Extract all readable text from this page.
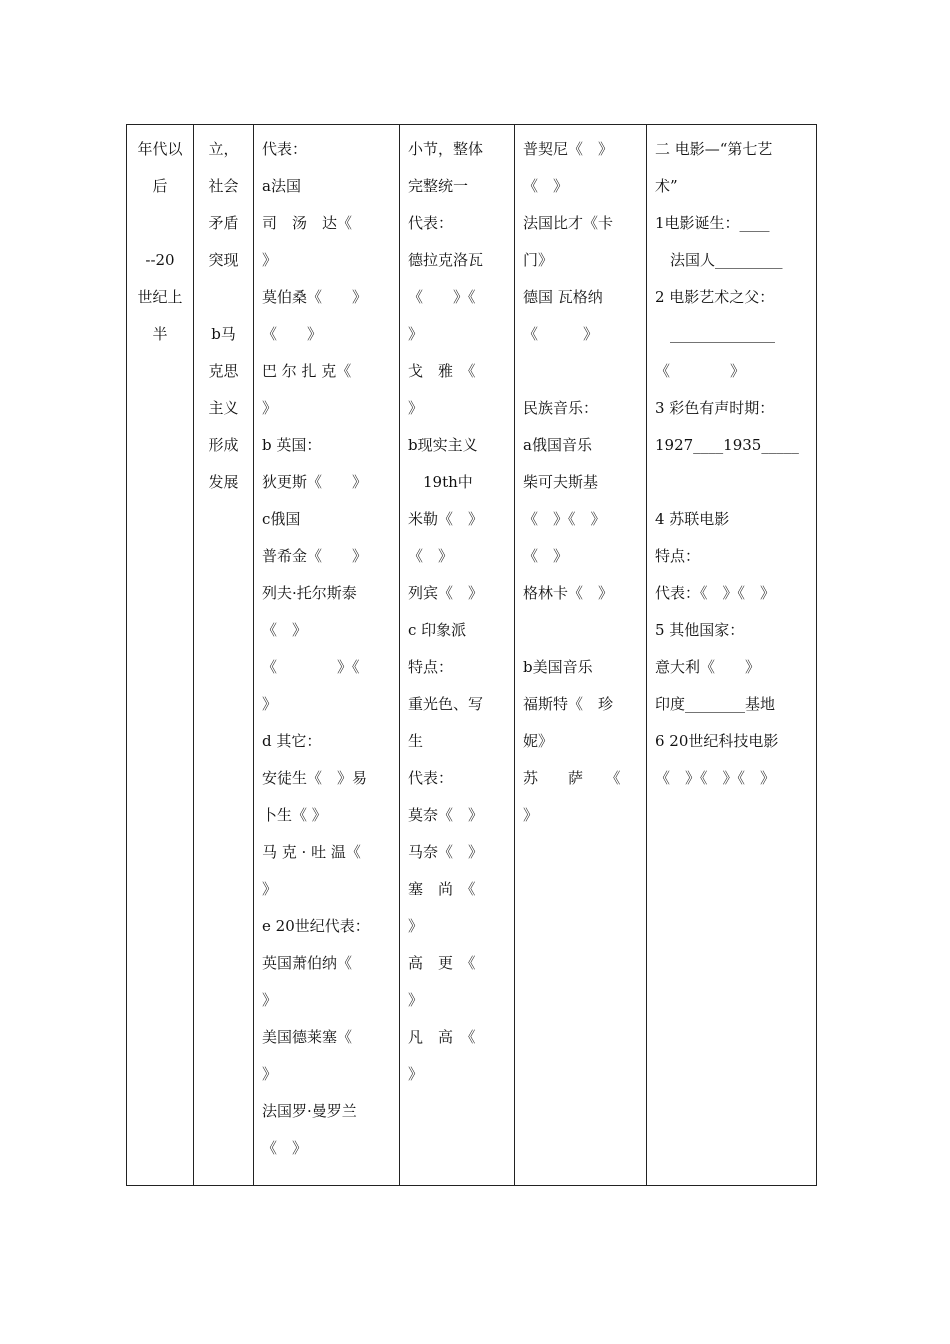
年代以
后
--20
世纪上
半

立，
社会
矛盾
突现
b马
克思
主义
形成
发展

代表：
a法国
司　汤　达《
》
莫伯桑《　　》
《　　》
巴 尔 扎 克《
》
b 英国：
狄更斯《　　》
c俄国
普希金《　　》
列夫·托尔斯泰
《　》
《　　　　》《
》
d 其它：
安徒生《　》易
卜生《 》
马 克 · 吐 温《
》
e 20世纪代表：
英国萧伯纳《
》
美国德莱塞《
》
法国罗·曼罗兰
《　》

小节，整体
完整统一
代表：
德拉克洛瓦
《　　》《
》
戈　雅　《
》
b现实主义
　19th中
米勒《　》
《　》
列宾《　》
c 印象派
特点：
重光色、写
生
代表：
莫奈《　》
马奈《　》
塞　尚　《
》
高　更　《
》
凡　高　《
》

普契尼《　》
《　》
法国比才《卡
门》
德国 瓦格纳
《　　　》
民族音乐：
a俄国音乐
柴可夫斯基
《　》《　》
《　》
格林卡《　》
b美国音乐
福斯特《　珍
妮》
苏　　萨　　《
》

二 电影—“第七艺
术”
1电影诞生：____
　法国人_________
2 电影艺术之父：
　______________
《　　　　》
3 彩色有声时期：
1927____1935_____
4 苏联电影
特点：
代表：《　》《　》
5 其他国家：
意大利《　　》
印度________基地
6 20世纪科技电影
《　》《　》《　》
